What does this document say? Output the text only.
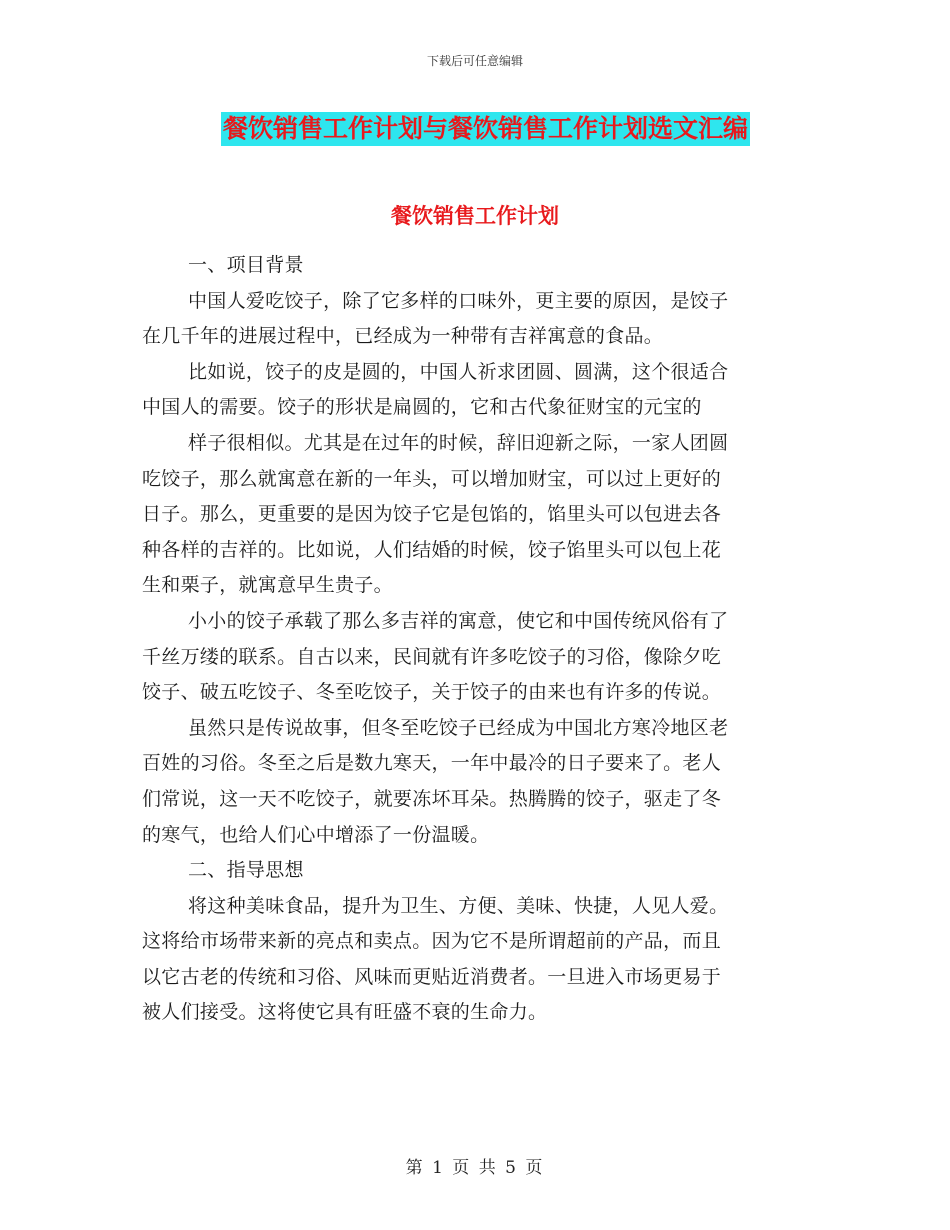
下载后可任意编辑
餐饮销售工作计划与餐饮销售工作计划选文汇编
餐饮销售工作计划
一、项目背景
中国人爱吃饺子，除了它多样的口味外，更主要的原因，是饺子
在几千年的进展过程中，已经成为一种带有吉祥寓意的食品。
比如说，饺子的皮是圆的，中国人祈求团圆、圆满，这个很适合
中国人的需要。饺子的形状是扁圆的，它和古代象征财宝的元宝的
样子很相似。尤其是在过年的时候，辞旧迎新之际，一家人团圆
吃饺子，那么就寓意在新的一年头，可以增加财宝，可以过上更好的
日子。那么，更重要的是因为饺子它是包馅的，馅里头可以包进去各
种各样的吉祥的。比如说，人们结婚的时候，饺子馅里头可以包上花
生和栗子，就寓意早生贵子。
小小的饺子承载了那么多吉祥的寓意，使它和中国传统风俗有了
千丝万缕的联系。自古以来，民间就有许多吃饺子的习俗，像除夕吃
饺子、破五吃饺子、冬至吃饺子，关于饺子的由来也有许多的传说。
虽然只是传说故事，但冬至吃饺子已经成为中国北方寒冷地区老
百姓的习俗。冬至之后是数九寒天，一年中最冷的日子要来了。老人
们常说，这一天不吃饺子，就要冻坏耳朵。热腾腾的饺子，驱走了冬
的寒气，也给人们心中增添了一份温暖。
二、指导思想
将这种美味食品，提升为卫生、方便、美味、快捷，人见人爱。
这将给市场带来新的亮点和卖点。因为它不是所谓超前的产品，而且
以它古老的传统和习俗、风味而更贴近消费者。一旦进入市场更易于
被人们接受。这将使它具有旺盛不衰的生命力。
第 1 页 共 5 页
